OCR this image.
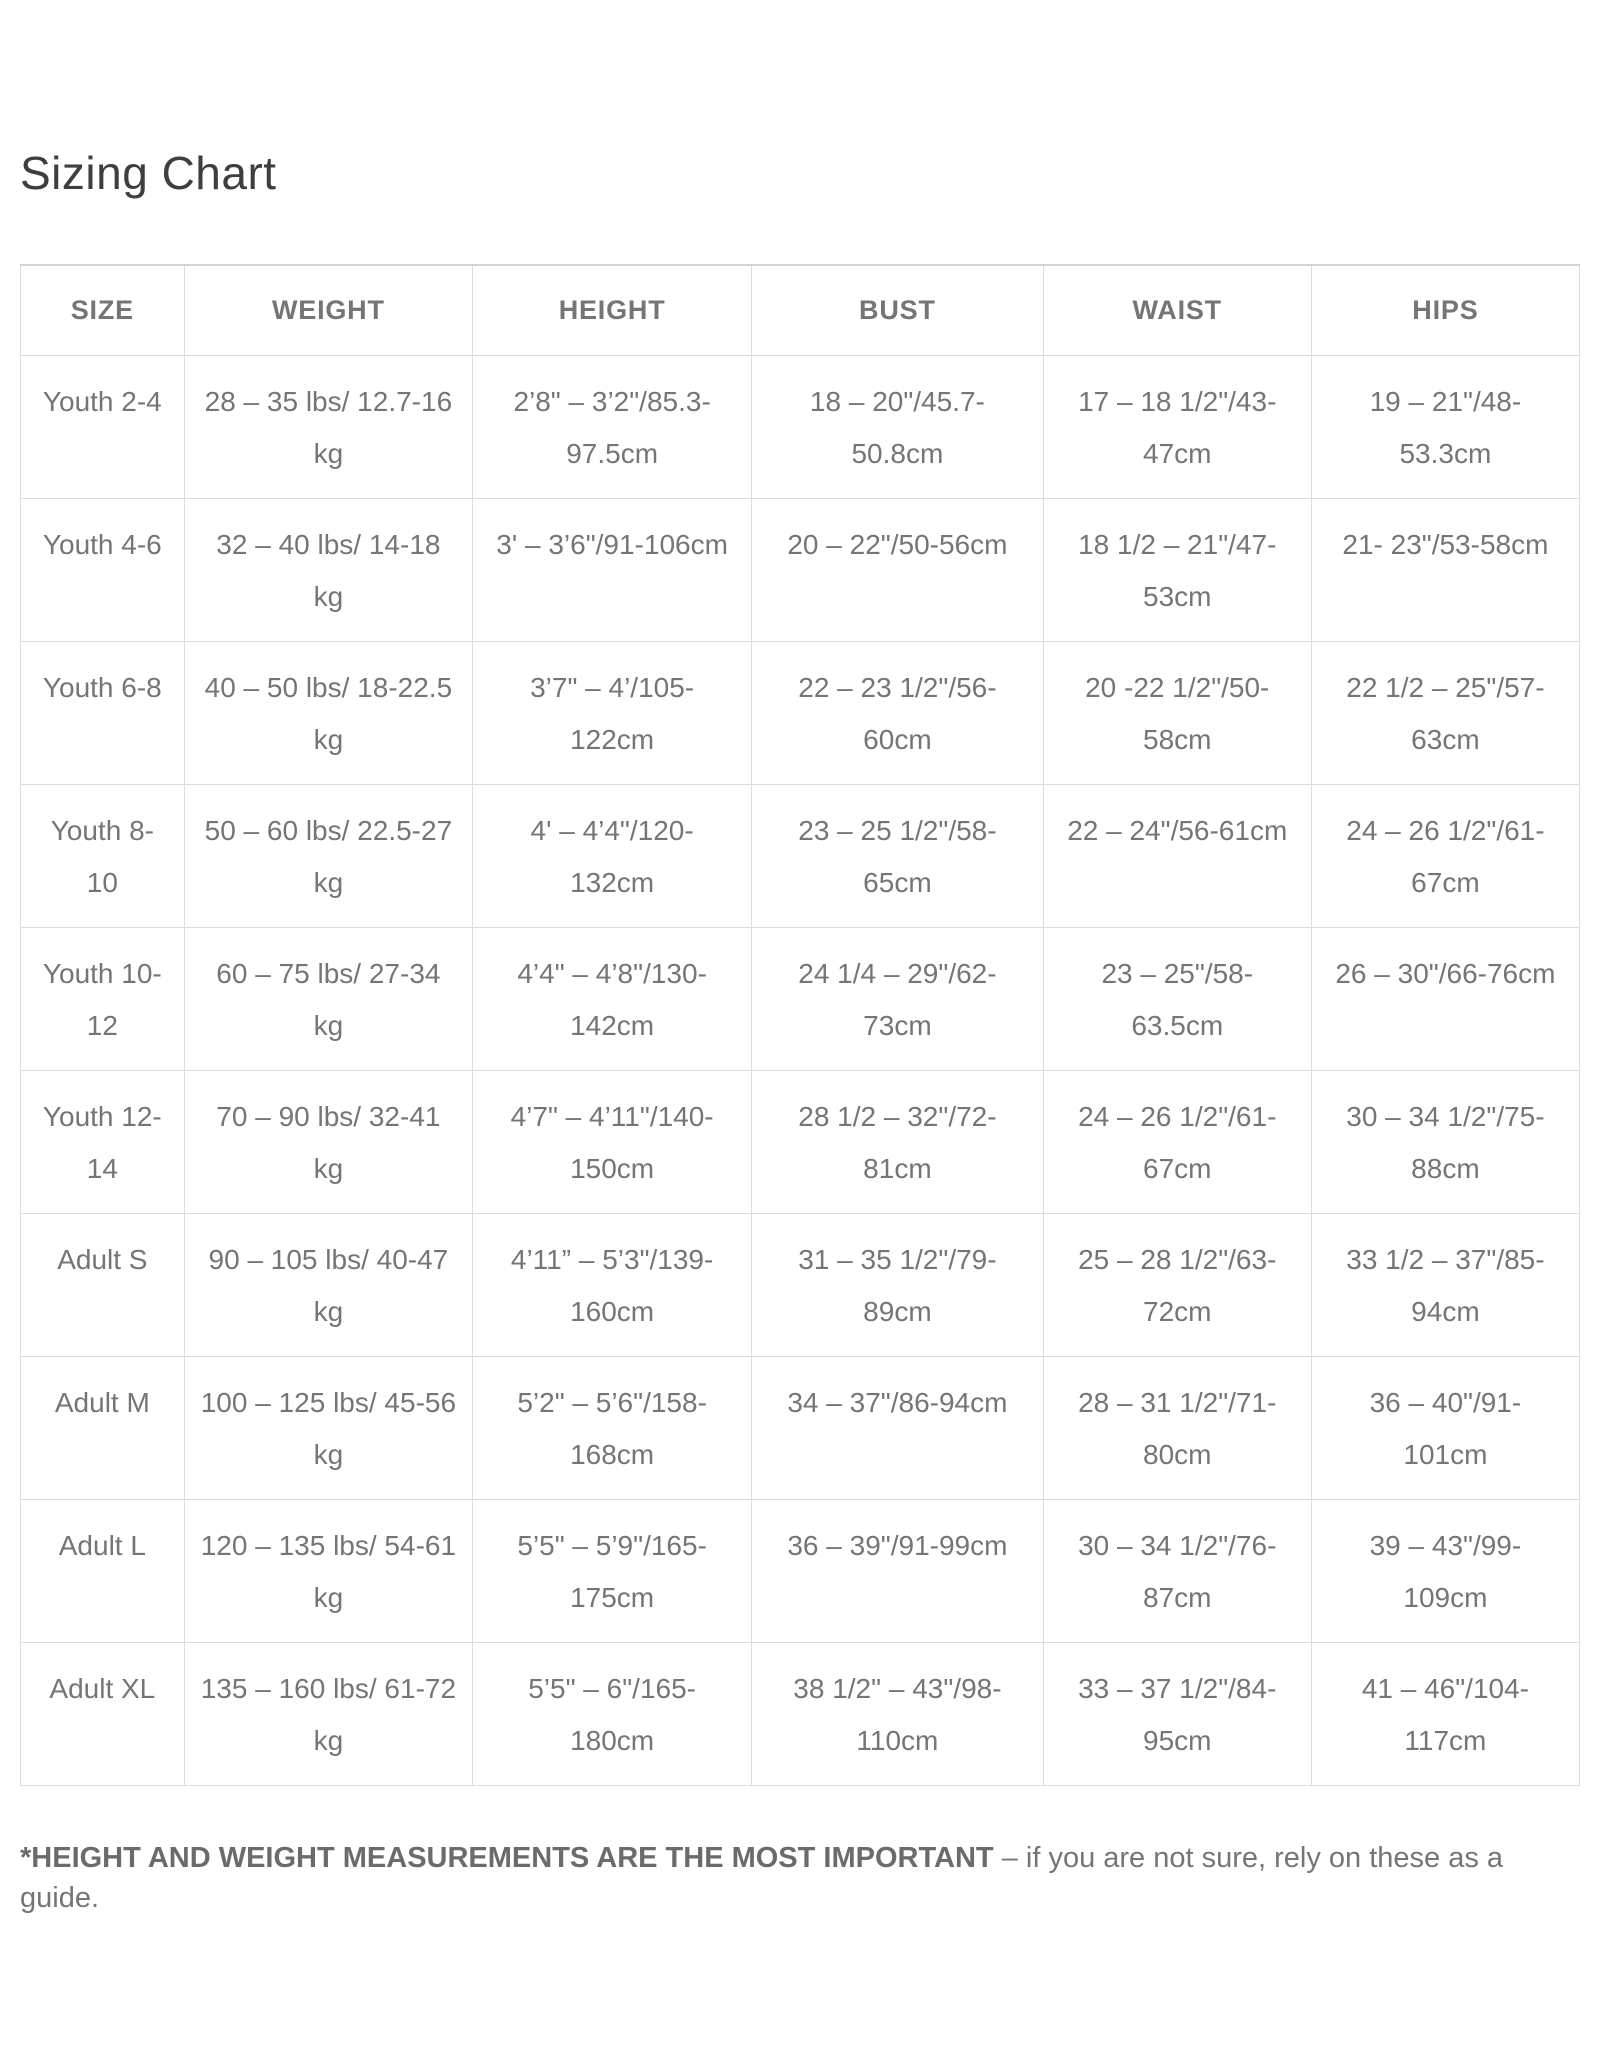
Sizing Chart
SIZE	WEIGHT	HEIGHT	BUST	WAIST	HIPS
Youth 2-4	28 – 35 lbs/ 12.7-16 kg	2’8" – 3’2"/85.3-97.5cm	18 – 20"/45.7-50.8cm	17 – 18 1/2"/43-47cm	19 – 21"/48-53.3cm
Youth 4-6	32 – 40 lbs/ 14-18 kg	3' – 3’6"/91-106cm	20 – 22"/50-56cm	18 1/2 – 21"/47-53cm	21- 23"/53-58cm
Youth 6-8	40 – 50 lbs/ 18-22.5 kg	3’7" – 4’/105-122cm	22 – 23 1/2"/56-60cm	20 -22 1/2"/50-58cm	22 1/2 – 25"/57-63cm
Youth 8-10	50 – 60 lbs/ 22.5-27 kg	4' – 4’4"/120-132cm	23 – 25 1/2"/58-65cm	22 – 24"/56-61cm	24 – 26 1/2"/61-67cm
Youth 10-12	60 – 75 lbs/ 27-34 kg	4’4" – 4’8"/130-142cm	24 1/4 – 29"/62-73cm	23 – 25"/58-63.5cm	26 – 30"/66-76cm
Youth 12-14	70 – 90 lbs/ 32-41 kg	4’7" – 4’11"/140-150cm	28 1/2 – 32"/72-81cm	24 – 26 1/2"/61-67cm	30 – 34 1/2"/75-88cm
Adult S	90 – 105 lbs/ 40-47 kg	4’11” – 5’3"/139-160cm	31 – 35 1/2"/79-89cm	25 – 28 1/2"/63-72cm	33 1/2 – 37"/85-94cm
Adult M	100 – 125 lbs/ 45-56 kg	5’2" – 5’6"/158-168cm	34 – 37"/86-94cm	28 – 31 1/2"/71-80cm	36 – 40"/91-101cm
Adult L	120 – 135 lbs/ 54-61 kg	5’5" – 5’9"/165-175cm	36 – 39"/91-99cm	30 – 34 1/2"/76-87cm	39 – 43"/99-109cm
Adult XL	135 – 160 lbs/ 61-72 kg	5’5" – 6"/165-180cm	38 1/2" – 43"/98-110cm	33 – 37 1/2"/84-95cm	41 – 46"/104-117cm

*HEIGHT AND WEIGHT MEASUREMENTS ARE THE MOST IMPORTANT – if you are not sure, rely on these as a guide.
